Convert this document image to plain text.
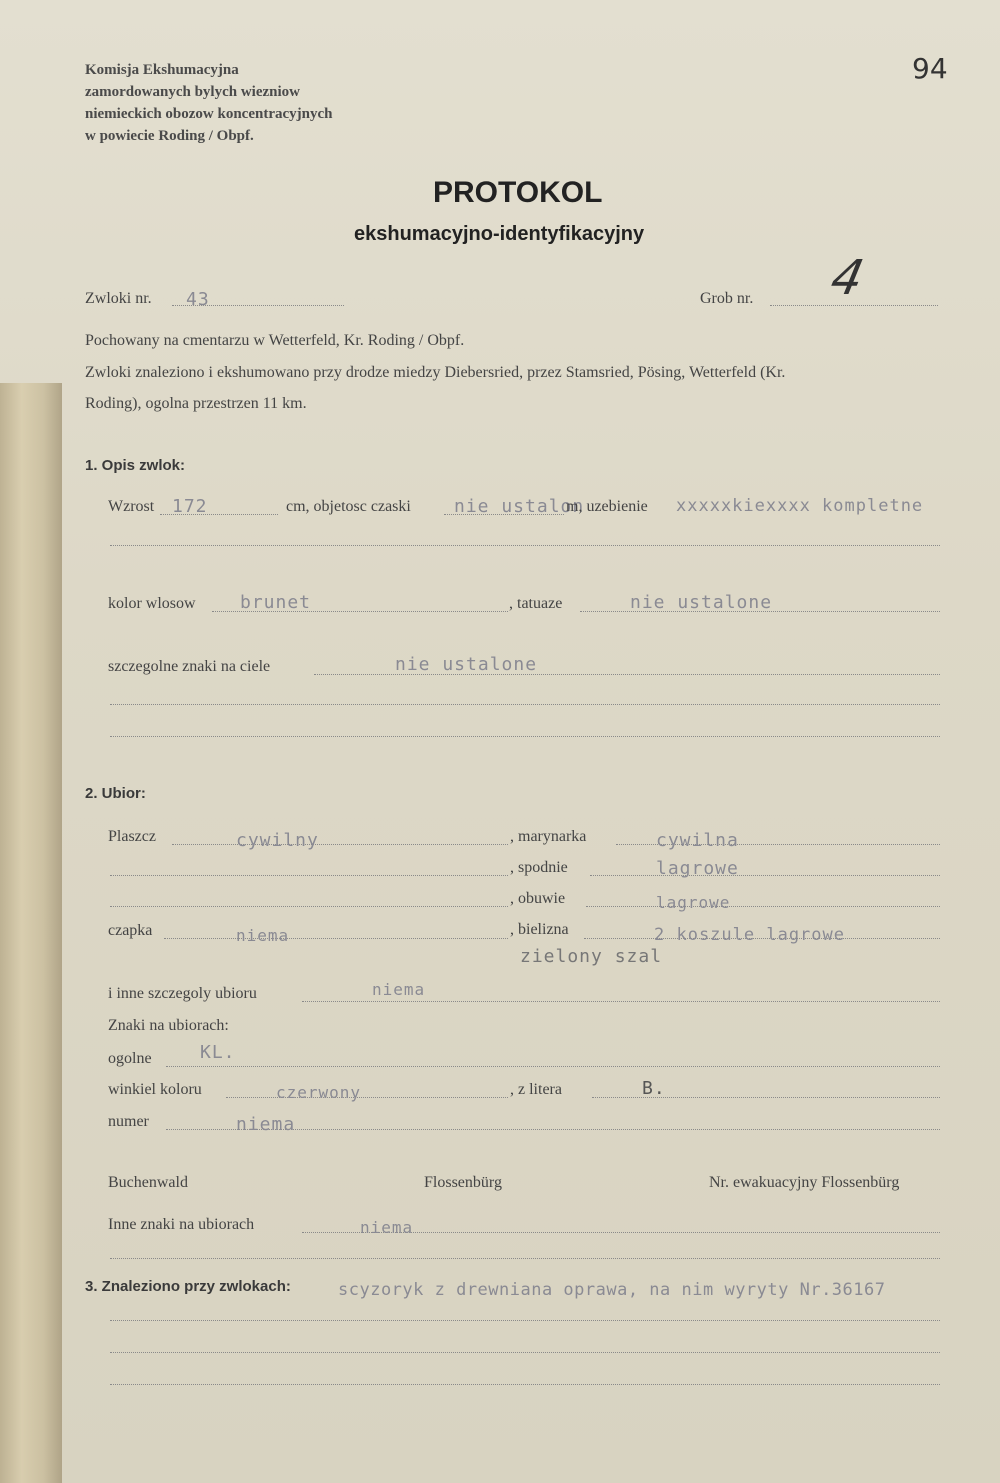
Komisja Ekshumacyjna
zamordowanych bylych wiezniow
niemieckich obozow koncentracyjnych
w powiecie Roding / Obpf.
94
PROTOKOL
ekshumacyjno-identyfikacyjny
Zwloki nr. 43	Grob nr. 4
Pochowany na cmentarzu w Wetterfeld, Kr. Roding / Obpf.
Zwloki znaleziono i ekshumowano przy drodze miedzy Diebersried, przez Stamsried, Pösing, Wetterfeld (Kr.
Roding), ogolna przestrzen 11 km.
1. Opis zwlok:
Wzrost 172	cm, objetosc czaski nie ustalon
m, uzebienie xxxxxkiexxxx kompletne
kolor wlosow brunet	, tatuaze	nie ustalone
szczegolne znaki na ciele	nie ustalone
2. Ubior:
Plaszcz	cywilny	, marynarka	cywilna
, spodnie	lagrowe
, obuwie	lagrowe
czapka	niema	, bielizna	2 koszule lagrowe
zielony szal
i inne szczegoly ubioru	niema
Znaki na ubiorach:
ogolne	KL.
winkiel koloru	czerwony	, z litera	B.
numer	niema
Buchenwald	Flossenbürg	Nr. ewakuacyjny Flossenbürg
Inne znaki na ubiorach	niema
3. Znaleziono przy zwlokach:	scyzoryk z drewniana oprawa, na nim wyryty Nr.36167
